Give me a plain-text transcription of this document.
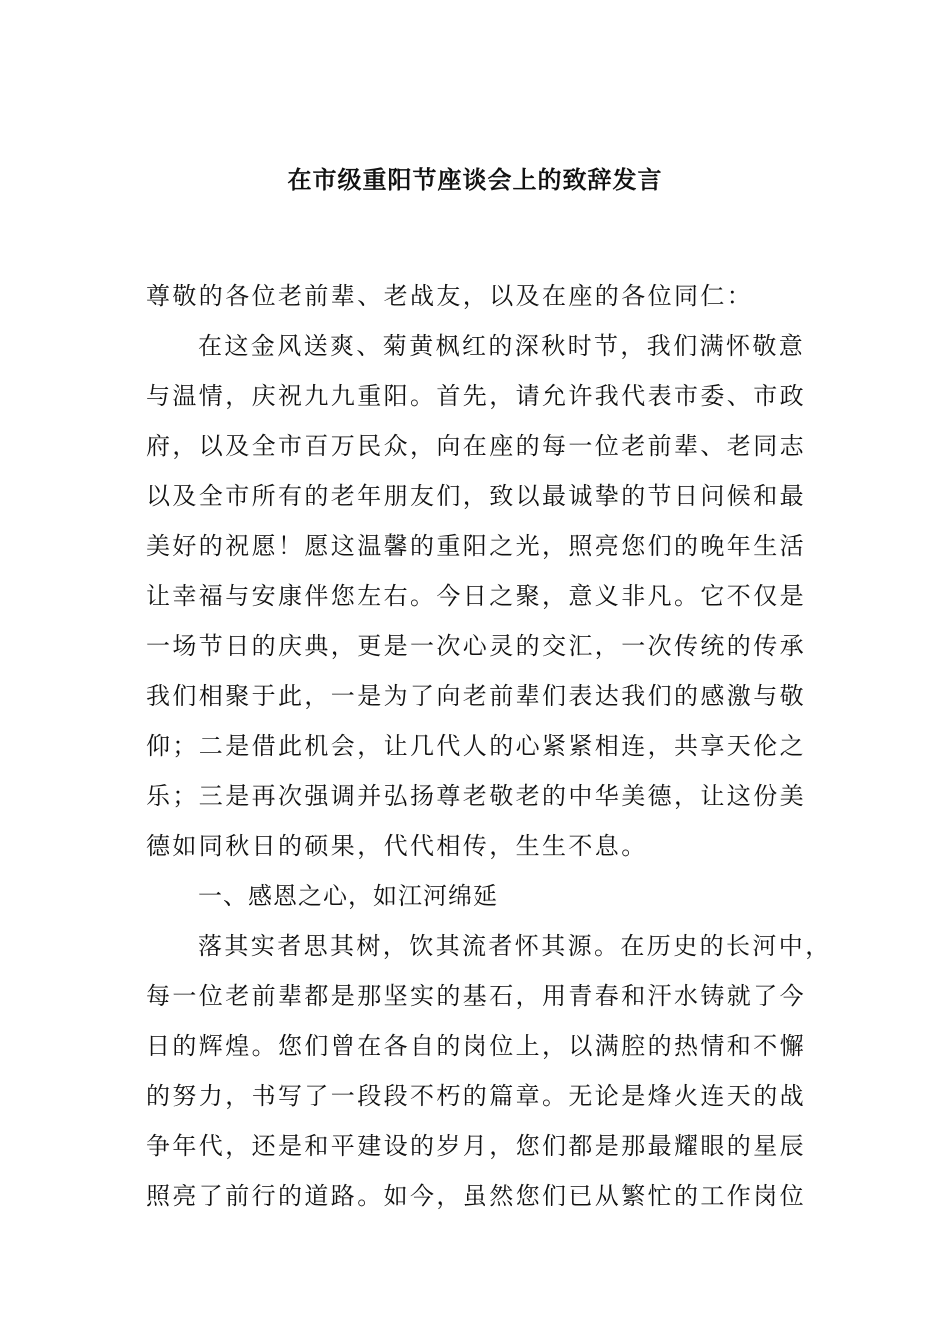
在市级重阳节座谈会上的致辞发言
尊敬的各位老前辈、老战友，以及在座的各位同仁：
在这金风送爽、菊黄枫红的深秋时节，我们满怀敬意
与温情，庆祝九九重阳。首先，请允许我代表市委、市政
府，以及全市百万民众，向在座的每一位老前辈、老同志
以及全市所有的老年朋友们，致以最诚挚的节日问候和最
美好的祝愿！愿这温馨的重阳之光，照亮您们的晚年生活
让幸福与安康伴您左右。今日之聚，意义非凡。它不仅是
一场节日的庆典，更是一次心灵的交汇，一次传统的传承
我们相聚于此，一是为了向老前辈们表达我们的感激与敬
仰；二是借此机会，让几代人的心紧紧相连，共享天伦之
乐；三是再次强调并弘扬尊老敬老的中华美德，让这份美
德如同秋日的硕果，代代相传，生生不息。
一、感恩之心，如江河绵延
落其实者思其树，饮其流者怀其源。在历史的长河中，
每一位老前辈都是那坚实的基石，用青春和汗水铸就了今
日的辉煌。您们曾在各自的岗位上，以满腔的热情和不懈
的努力，书写了一段段不朽的篇章。无论是烽火连天的战
争年代，还是和平建设的岁月，您们都是那最耀眼的星辰
照亮了前行的道路。如今，虽然您们已从繁忙的工作岗位
